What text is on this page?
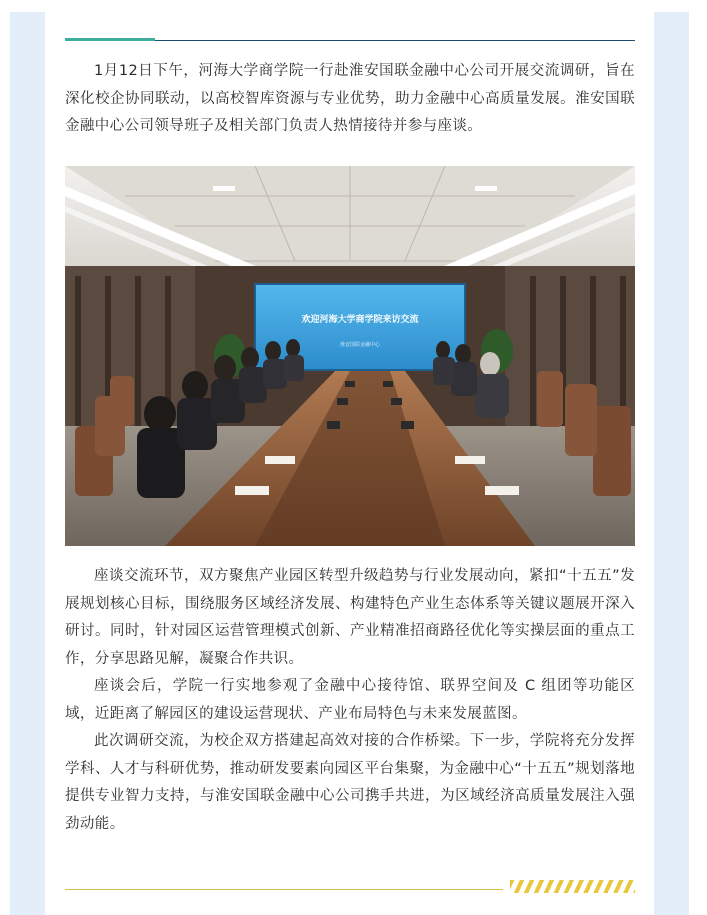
1月12日下午，河海大学商学院一行赴淮安国联金融中心公司开展交流调研，旨在深化校企协同联动，以高校智库资源与专业优势，助力金融中心高质量发展。淮安国联金融中心公司领导班子及相关部门负责人热情接待并参与座谈。

欢迎河海大学商学院来访交流
淮安国联金融中心

座谈交流环节，双方聚焦产业园区转型升级趋势与行业发展动向，紧扣“十五五”发展规划核心目标，围绕服务区域经济发展、构建特色产业生态体系等关键议题展开深入研讨。同时，针对园区运营管理模式创新、产业精准招商路径优化等实操层面的重点工作，分享思路见解，凝聚合作共识。

座谈会后，学院一行实地参观了金融中心接待馆、联界空间及 C 组团等功能区域，近距离了解园区的建设运营现状、产业布局特色与未来发展蓝图。

此次调研交流，为校企双方搭建起高效对接的合作桥梁。下一步，学院将充分发挥学科、人才与科研优势，推动研发要素向园区平台集聚，为金融中心“十五五”规划落地提供专业智力支持，与淮安国联金融中心公司携手共进，为区域经济高质量发展注入强劲动能。
